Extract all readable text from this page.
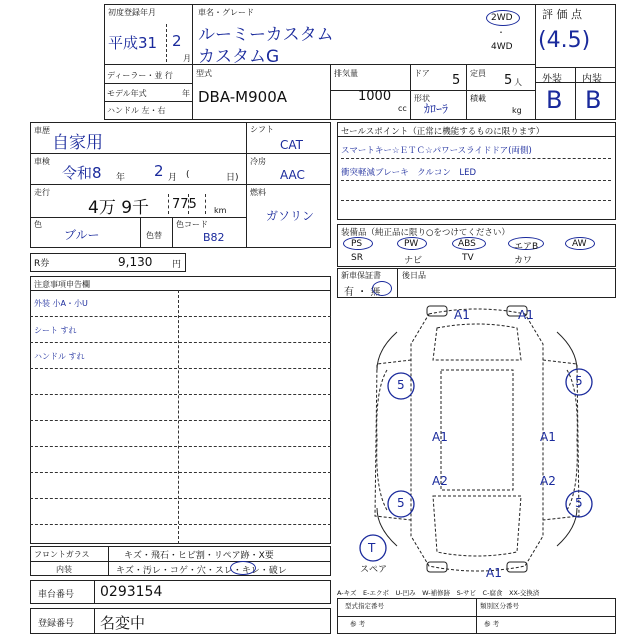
初度登録年月
平成31 2
月
車名・グレード
ルーミーカスタム
カスタムG
2WD
・
4WD
評 価 点
(4.5)
外装 内装
B B
ディーラー・並 行
モデル年式	年
ハンドル 左・右
型式
DBA-M900A
排気量
1000
cc
ドア 5 定員 5 人
形状
ｶﾛｰﾗ
積載
kg
車歴
自家用
車検
令和8 年 2 月 (	日)
走行
4万 9千 775 km
色
ブルー	色替
色コード
B82
シフト
CAT
冷房
AAC
燃料
ガソリン
セールスポイント（正常に機能するものに限ります）
スマートキー☆ＥＴＣ☆パワースライドドア(両側)
衝突軽減ブレーキ　クルコン　LED
装備品（純正品に限り○をつけてください）
PS	PW	ABS	エアB	AW
SR	ナビ	TV	カワ
R券	9,130 円
新車保証書
有 ・ 無
後日品
注意事項申告欄
外装 小A・小U
シート すれ
ハンドル すれ
A1	A1
5	5
A1	A1
A2	A2
5	5
A1
T
スペア
フロントガラス	キズ・飛石・ヒビ割・リペア跡・X要
内装	キズ・汚レ・コゲ・穴・スレ・キレ・破レ
車台番号 0293154
登録番号 名変中
A-キズ　E-エクボ　U-凹み　W-補修跡　S-サビ　C-腐食　XX-交換済
型式指定番号	類別区分番号
参 考	参 考
